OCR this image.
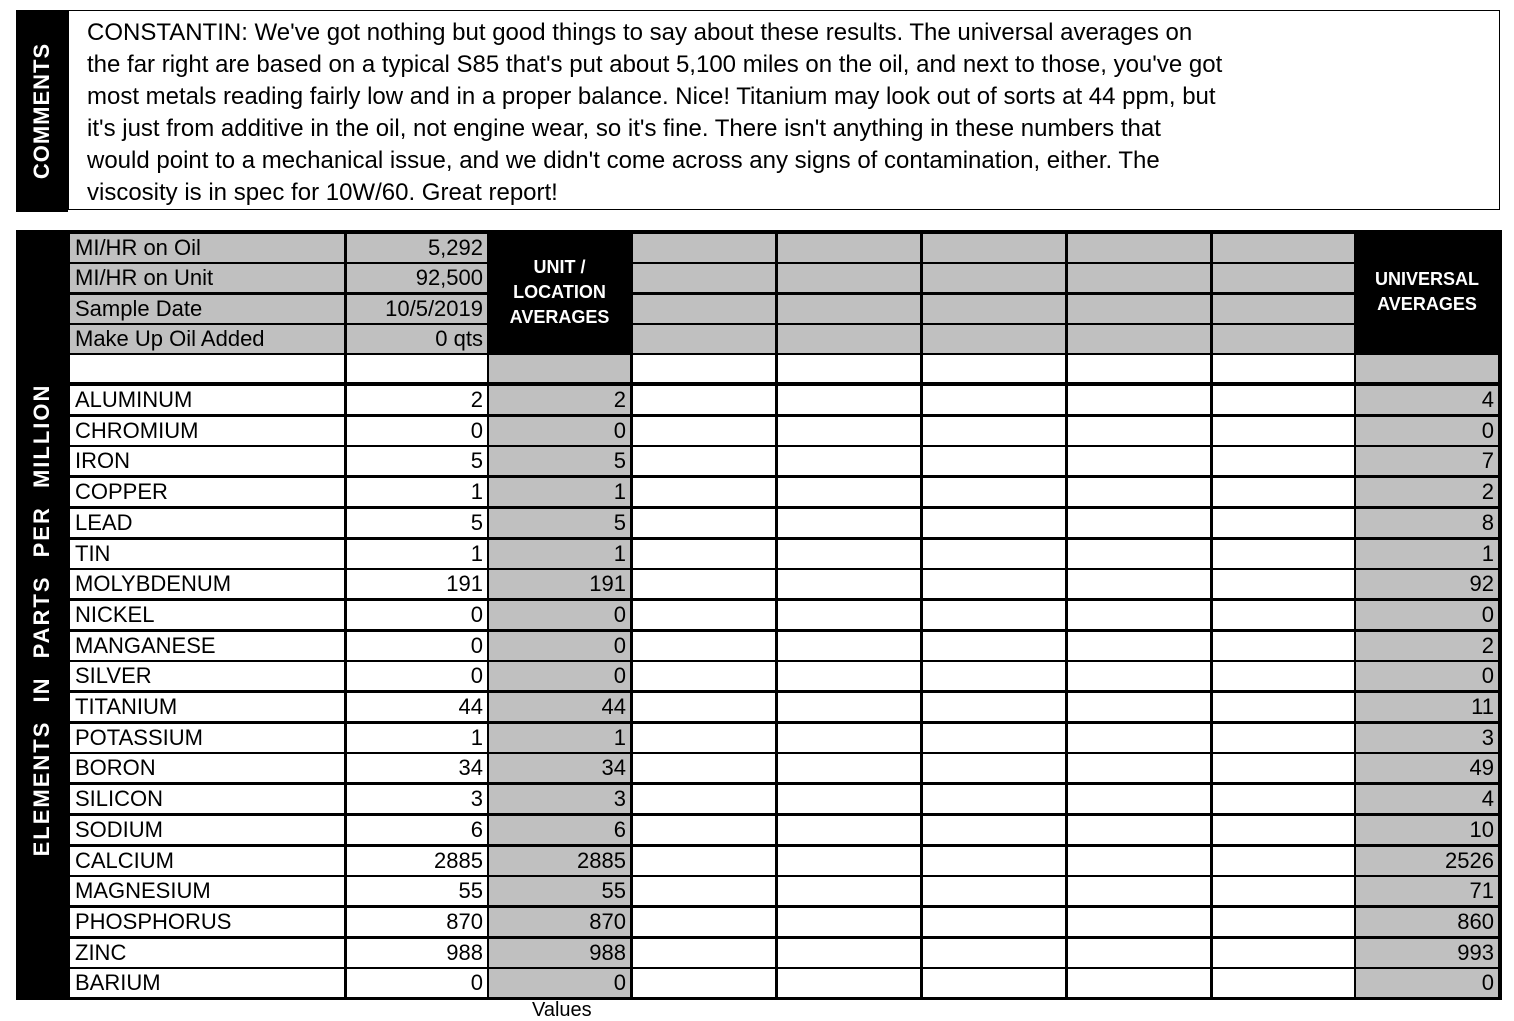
COMMENTS
CONSTANTIN: We've got nothing but good things to say about these results. The universal averages on
the far right are based on a typical S85 that's put about 5,100 miles on the oil, and next to those, you've got
most metals reading fairly low and in a proper balance. Nice! Titanium may look out of sorts at 44 ppm, but
it's just from additive in the oil, not engine wear, so it's fine. There isn't anything in these numbers that
would point to a mechanical issue, and we didn't come across any signs of contamination, either. The
viscosity is in spec for 10W/60. Great report!
ELEMENTS IN PARTS PER MILLION
UNIT /
LOCATION
AVERAGES
UNIVERSAL
AVERAGES
MI/HR on Oil	5,292
MI/HR on Unit	92,500
Sample Date	10/5/2019
Make Up Oil Added	0 qts
ALUMINUM	2	2	4
CHROMIUM	0	0	0
IRON	5	5	7
COPPER	1	1	2
LEAD	5	5	8
TIN	1	1	1
MOLYBDENUM	191	191	92
NICKEL	0	0	0
MANGANESE	0	0	2
SILVER	0	0	0
TITANIUM	44	44	11
POTASSIUM	1	1	3
BORON	34	34	49
SILICON	3	3	4
SODIUM	6	6	10
CALCIUM	2885	2885	2526
MAGNESIUM	55	55	71
PHOSPHORUS	870	870	860
ZINC	988	988	993
BARIUM	0	0	0
Values
